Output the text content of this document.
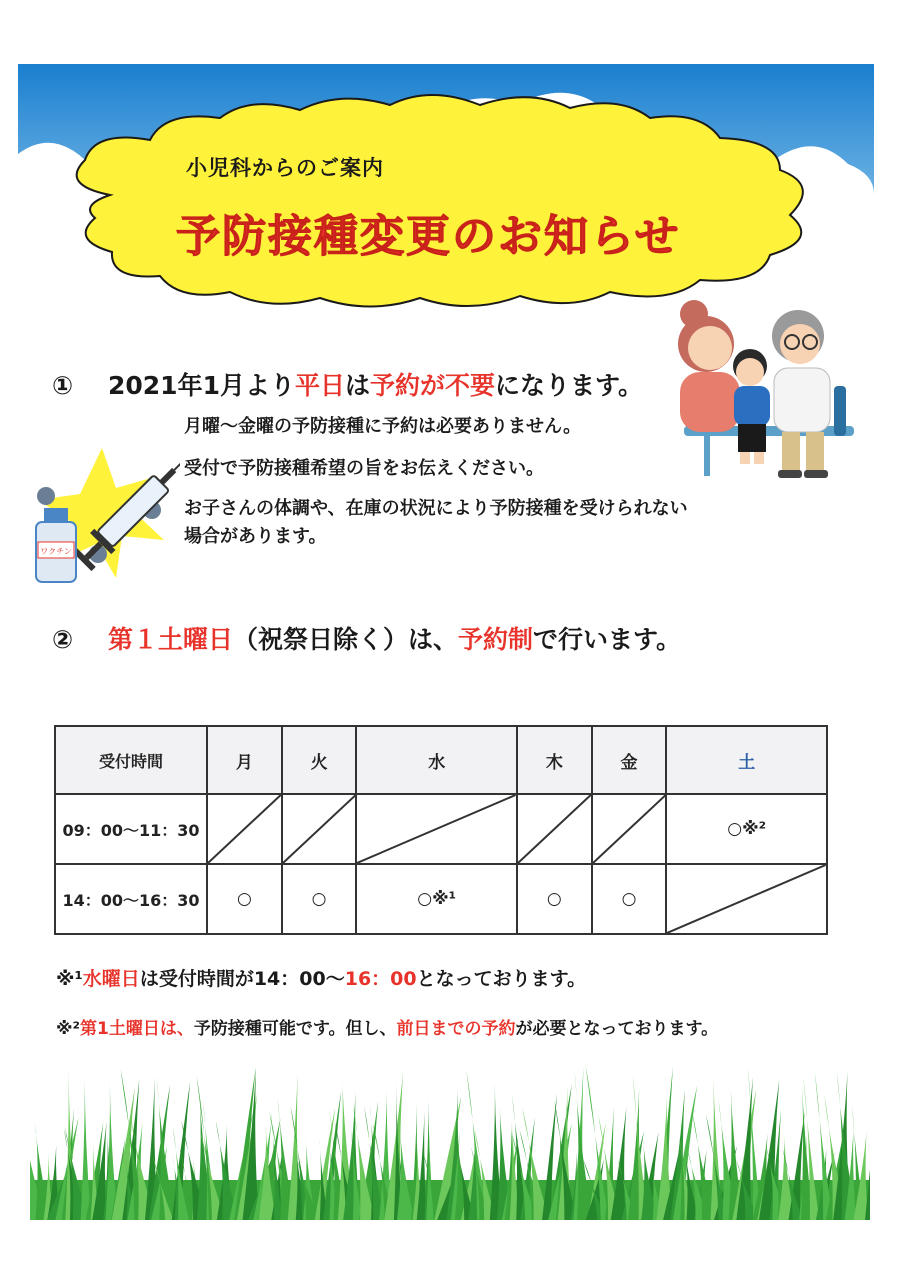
小児科からのご案内
予防接種変更のお知らせ
① 2021年1月より平日は予約が不要になります。
月曜～金曜の予防接種に予約は必要ありません。
受付で予防接種希望の旨をお伝えください。
お子さんの体調や、在庫の状況により予防接種を受けられない
場合があります。
ワクチン
② 第１土曜日（祝祭日除く）は、予約制で行います。
受付時間	月	火	水	木	金	土
09：00～11：30						○※²
14：00～16：30	○	○	○※¹	○	○	
※¹水曜日は受付時間が14：00～16：00となっております。
※²第1土曜日は、予防接種可能です。但し、前日までの予約が必要となっております。
